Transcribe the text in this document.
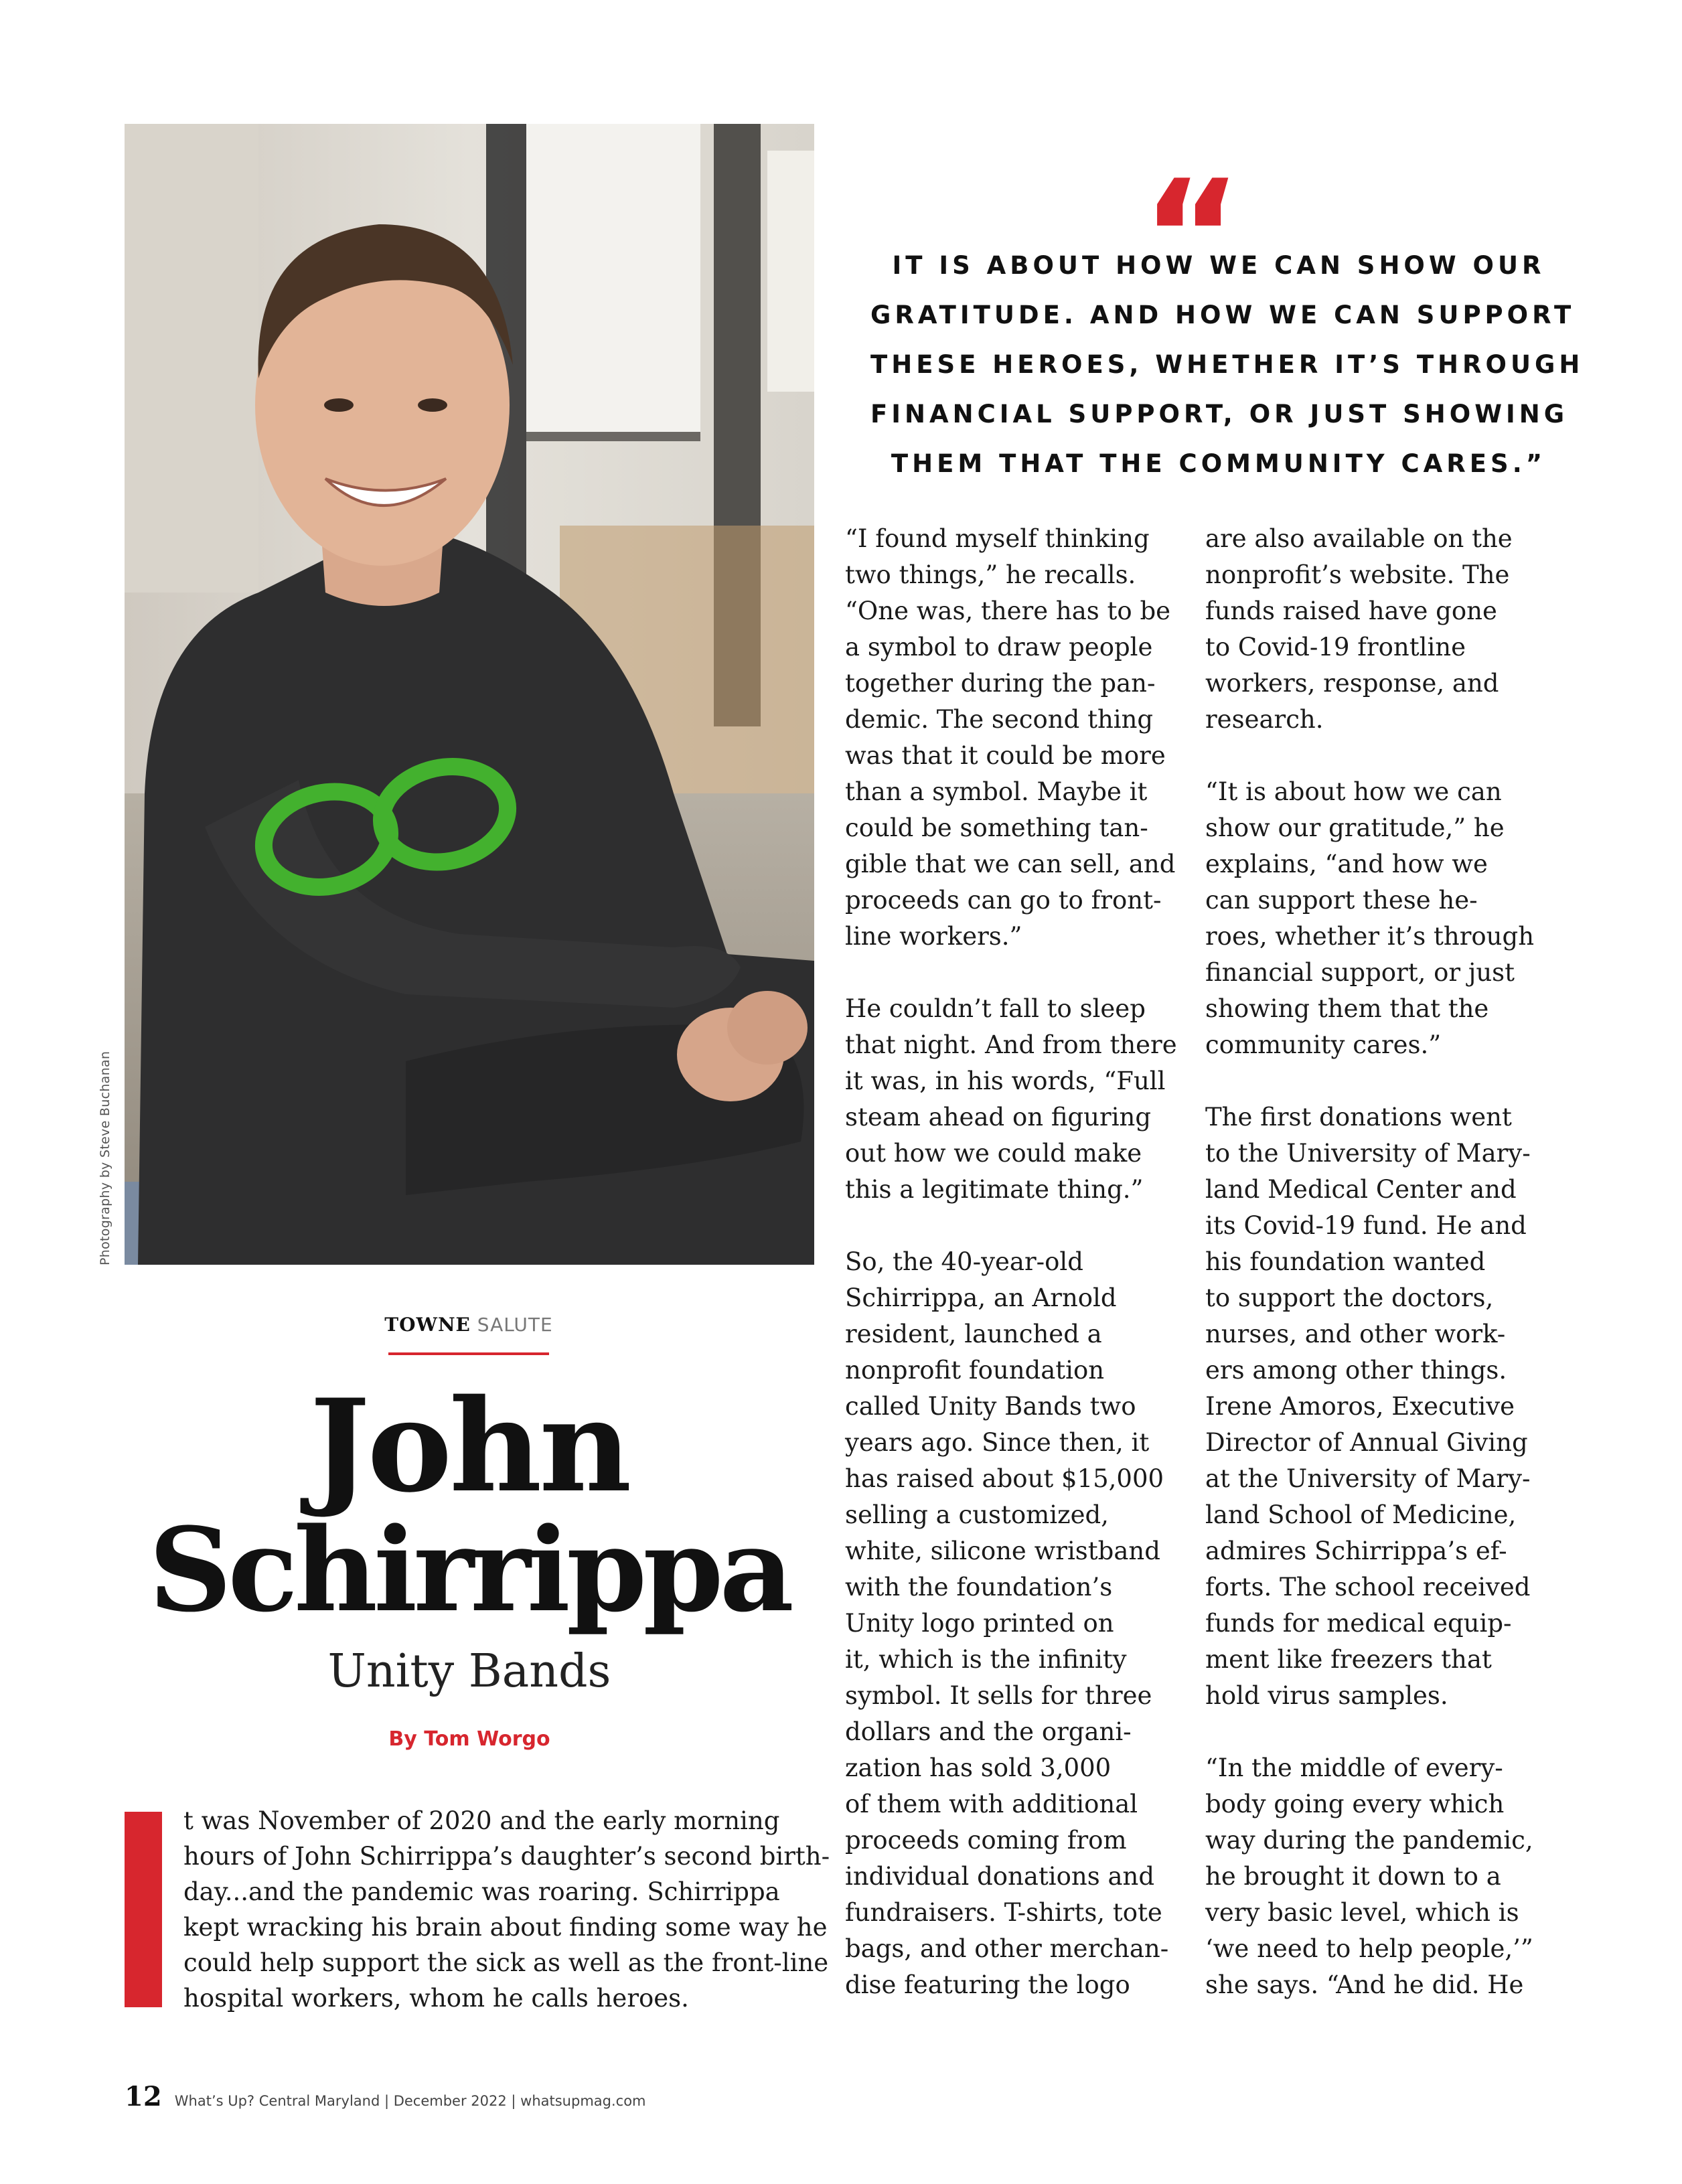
Photography by Steve Buchanan
“
IT IS ABOUT HOW WE CAN SHOW OUR
GRATITUDE. AND HOW WE CAN SUPPORT
THESE HEROES, WHETHER IT’S THROUGH
FINANCIAL SUPPORT, OR JUST SHOWING
THEM THAT THE COMMUNITY CARES.”
“I found myself thinking
two things,” he recalls.
“One was, there has to be
a symbol to draw people
together during the pan-
demic. The second thing
was that it could be more
than a symbol. Maybe it
could be something tan-
gible that we can sell, and
proceeds can go to front-
line workers.”
He couldn’t fall to sleep
that night. And from there
it was, in his words, “Full
steam ahead on figuring
out how we could make
this a legitimate thing.”
So, the 40-year-old
Schirrippa, an Arnold
resident, launched a
nonprofit foundation
called Unity Bands two
years ago. Since then, it
has raised about $15,000
selling a customized,
white, silicone wristband
with the foundation’s
Unity logo printed on
it, which is the infinity
symbol. It sells for three
dollars and the organi-
zation has sold 3,000
of them with additional
proceeds coming from
individual donations and
fundraisers. T-shirts, tote
bags, and other merchan-
dise featuring the logo
are also available on the
nonprofit’s website. The
funds raised have gone
to Covid-19 frontline
workers, response, and
research.
“It is about how we can
show our gratitude,” he
explains, “and how we
can support these he-
roes, whether it’s through
financial support, or just
showing them that the
community cares.”
The first donations went
to the University of Mary-
land Medical Center and
its Covid-19 fund. He and
his foundation wanted
to support the doctors,
nurses, and other work-
ers among other things.
Irene Amoros, Executive
Director of Annual Giving
at the University of Mary-
land School of Medicine,
admires Schirrippa’s ef-
forts. The school received
funds for medical equip-
ment like freezers that
hold virus samples.
“In the middle of every-
body going every which
way during the pandemic,
he brought it down to a
very basic level, which is
‘we need to help people,’”
she says. “And he did. He
TOWNE SALUTE
John
Schirrippa
Unity Bands
By Tom Worgo
t was November of 2020 and the early morning
hours of John Schirrippa’s daughter’s second birth-
day...and the pandemic was roaring. Schirrippa
kept wracking his brain about finding some way he
could help support the sick as well as the front-line
hospital workers, whom he calls heroes.
12 What’s Up? Central Maryland | December 2022 | whatsupmag.com
